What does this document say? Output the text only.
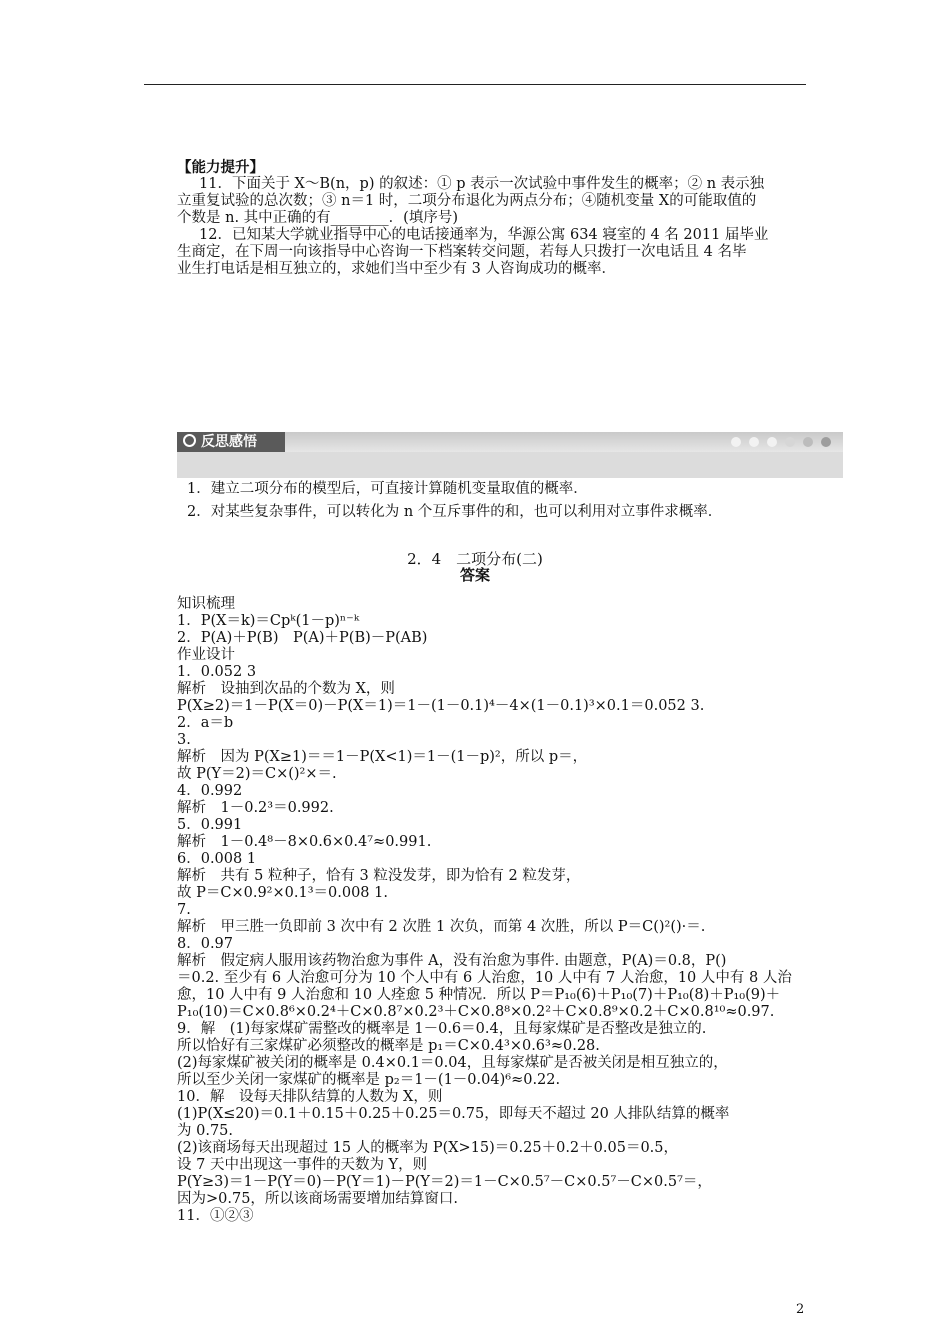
【能力提升】
11．下面关于 X～B(n，p) 的叙述：① p 表示一次试验中事件发生的概率；② n 表示独
立重复试验的总次数；③ n＝1 时，二项分布退化为两点分布；④随机变量 X的可能取值的
个数是 n. 其中正确的有________．(填序号)
12．已知某大学就业指导中心的电话接通率为，华源公寓 634 寝室的 4 名 2011 届毕业
生商定，在下周一向该指导中心咨询一下档案转交问题，若每人只拨打一次电话且 4 名毕
业生打电话是相互独立的，求她们当中至少有 3 人咨询成功的概率．
反思感悟
1．建立二项分布的模型后，可直接计算随机变量取值的概率．
2．对某些复杂事件，可以转化为 n 个互斥事件的和，也可以利用对立事件求概率．
2．4　二项分布(二)
答案
知识梳理
1．P(X＝k)＝Cpᵏ(1－p)ⁿ⁻ᵏ
2．P(A)＋P(B)　P(A)＋P(B)－P(AB)
作业设计
1．0.052 3
解析　设抽到次品的个数为 X，则
P(X≥2)＝1－P(X＝0)－P(X＝1)＝1－(1－0.1)⁴－4×(1－0.1)³×0.1＝0.052 3.
2．a＝b
3.
解析　因为 P(X≥1)＝＝1－P(X<1)＝1－(1－p)²，所以 p＝，
故 P(Y＝2)＝C×()²×＝.
4．0.992
解析　1－0.2³＝0.992.
5．0.991
解析　1－0.4⁸－8×0.6×0.4⁷≈0.991.
6．0.008 1
解析　共有 5 粒种子，恰有 3 粒没发芽，即为恰有 2 粒发芽，
故 P＝C×0.9²×0.1³＝0.008 1.
7.
解析　甲三胜一负即前 3 次中有 2 次胜 1 次负，而第 4 次胜，所以 P＝C()²()·＝.
8．0.97
解析　假定病人服用该药物治愈为事件 A，没有治愈为事件. 由题意，P(A)＝0.8，P()
＝0.2. 至少有 6 人治愈可分为 10 个人中有 6 人治愈，10 人中有 7 人治愈，10 人中有 8 人治
愈，10 人中有 9 人治愈和 10 人痊愈 5 种情况．所以 P＝P₁₀(6)＋P₁₀(7)＋P₁₀(8)＋P₁₀(9)＋
P₁₀(10)＝C×0.8⁶×0.2⁴＋C×0.8⁷×0.2³＋C×0.8⁸×0.2²＋C×0.8⁹×0.2＋C×0.8¹⁰≈0.97.
9．解　(1)每家煤矿需整改的概率是 1－0.6＝0.4，且每家煤矿是否整改是独立的.
所以恰好有三家煤矿必须整改的概率是 p₁＝C×0.4³×0.6³≈0.28.
(2)每家煤矿被关闭的概率是 0.4×0.1＝0.04，且每家煤矿是否被关闭是相互独立的，
所以至少关闭一家煤矿的概率是 p₂＝1－(1－0.04)⁶≈0.22.
10．解　设每天排队结算的人数为 X，则
(1)P(X≤20)＝0.1＋0.15＋0.25＋0.25＝0.75，即每天不超过 20 人排队结算的概率
为 0.75.
(2)该商场每天出现超过 15 人的概率为 P(X>15)＝0.25＋0.2＋0.05＝0.5，
设 7 天中出现这一事件的天数为 Y，则
P(Y≥3)＝1－P(Y＝0)－P(Y＝1)－P(Y＝2)＝1－C×0.5⁷－C×0.5⁷－C×0.5⁷＝，
因为>0.75，所以该商场需要增加结算窗口.
11．①②③
2
